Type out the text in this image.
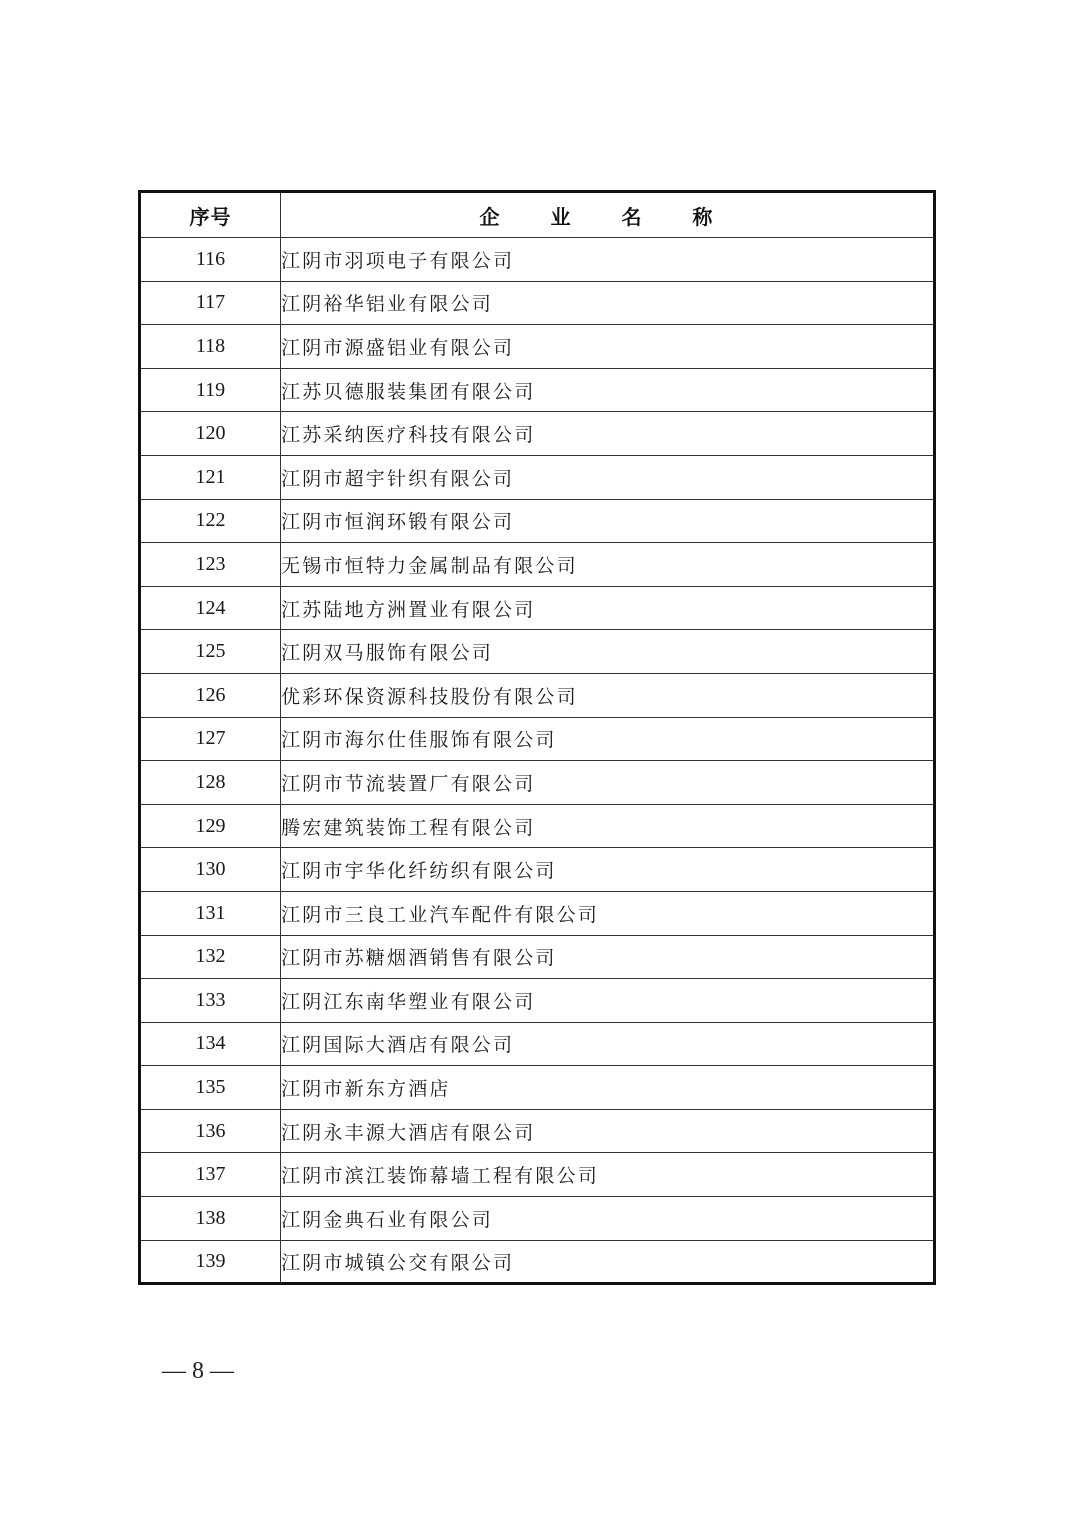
序号	企 业 名 称
116	江阴市羽项电子有限公司
117	江阴裕华铝业有限公司
118	江阴市源盛铝业有限公司
119	江苏贝德服装集团有限公司
120	江苏采纳医疗科技有限公司
121	江阴市超宇针织有限公司
122	江阴市恒润环锻有限公司
123	无锡市恒特力金属制品有限公司
124	江苏陆地方洲置业有限公司
125	江阴双马服饰有限公司
126	优彩环保资源科技股份有限公司
127	江阴市海尔仕佳服饰有限公司
128	江阴市节流装置厂有限公司
129	腾宏建筑装饰工程有限公司
130	江阴市宇华化纤纺织有限公司
131	江阴市三良工业汽车配件有限公司
132	江阴市苏糖烟酒销售有限公司
133	江阴江东南华塑业有限公司
134	江阴国际大酒店有限公司
135	江阴市新东方酒店
136	江阴永丰源大酒店有限公司
137	江阴市滨江装饰幕墙工程有限公司
138	江阴金典石业有限公司
139	江阴市城镇公交有限公司
— 8 —
